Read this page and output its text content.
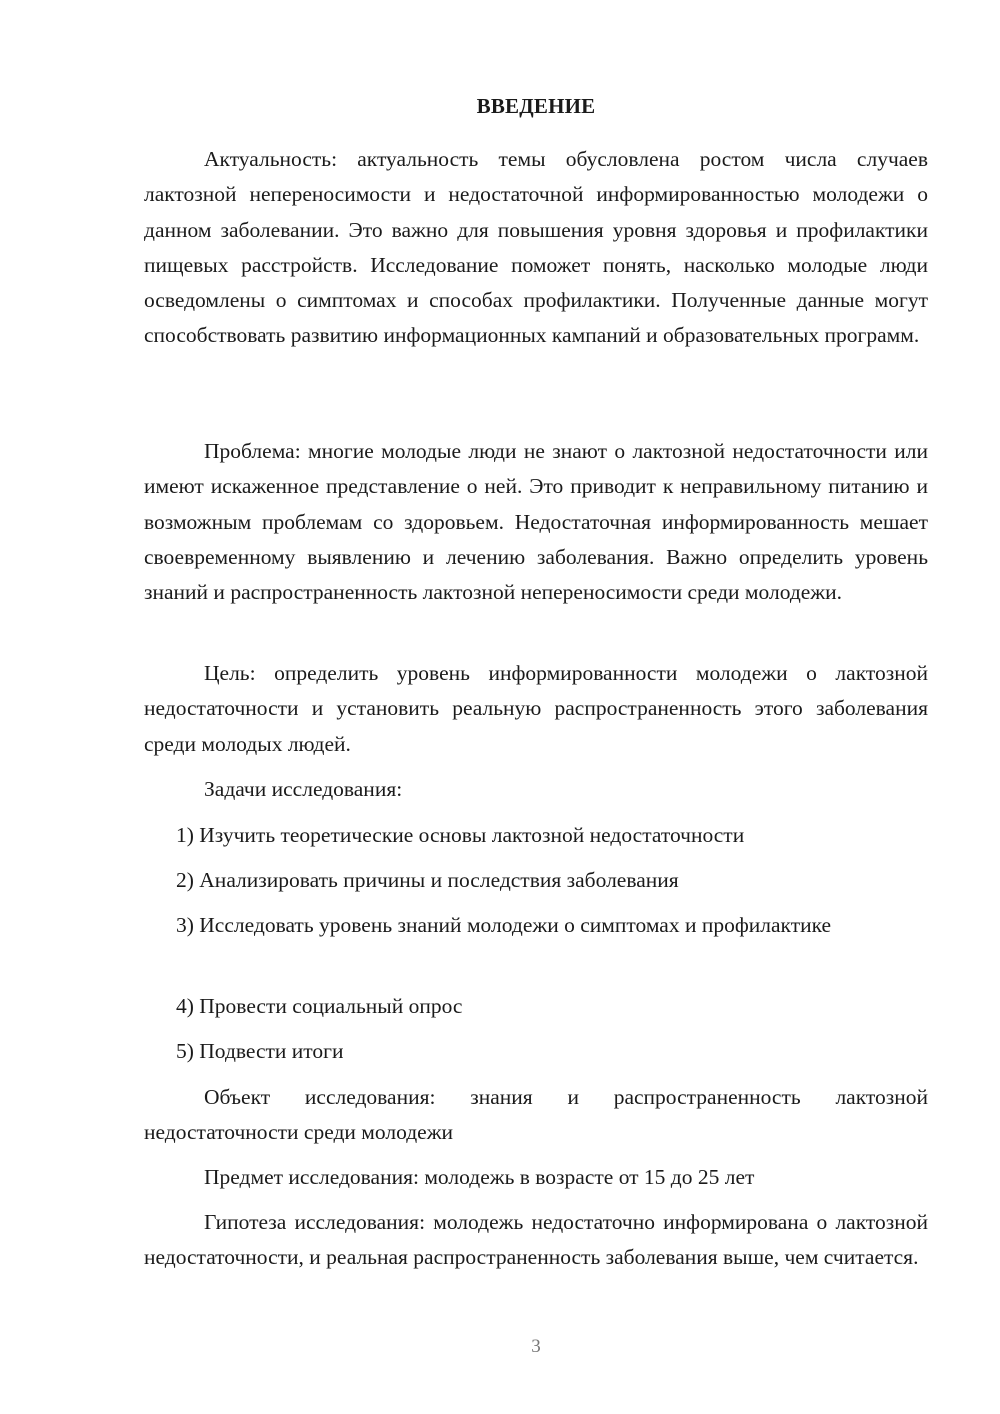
ВВЕДЕНИЕ

Актуальность: актуальность темы обусловлена ростом числа случаев лактозной непереносимости и недостаточной информированностью молодежи о данном заболевании. Это важно для повышения уровня здоровья и профилактики пищевых расстройств. Исследование поможет понять, насколько молодые люди осведомлены о симптомах и способах профилактики. Полученные данные могут способствовать развитию информационных кампаний и образовательных программ.

Проблема: многие молодые люди не знают о лактозной недостаточности или имеют искаженное представление о ней. Это приводит к неправильному питанию и возможным проблемам со здоровьем. Недостаточная информированность мешает своевременному выявлению и лечению заболевания. Важно определить уровень знаний и распространенность лактозной непереносимости среди молодежи.

Цель: определить уровень информированности молодежи о лактозной недостаточности и установить реальную распространенность этого заболевания среди молодых людей.

Задачи исследования:

1) Изучить теоретические основы лактозной недостаточности

2) Анализировать причины и последствия заболевания

3) Исследовать уровень знаний молодежи о симптомах и профилактике

4) Провести социальный опрос

5) Подвести итоги

Объект исследования: знания и распространенность лактозной недостаточности среди молодежи

Предмет исследования: молодежь в возрасте от 15 до 25 лет

Гипотеза исследования: молодежь недостаточно информирована о лактозной недостаточности, и реальная распространенность заболевания выше, чем считается.

3
